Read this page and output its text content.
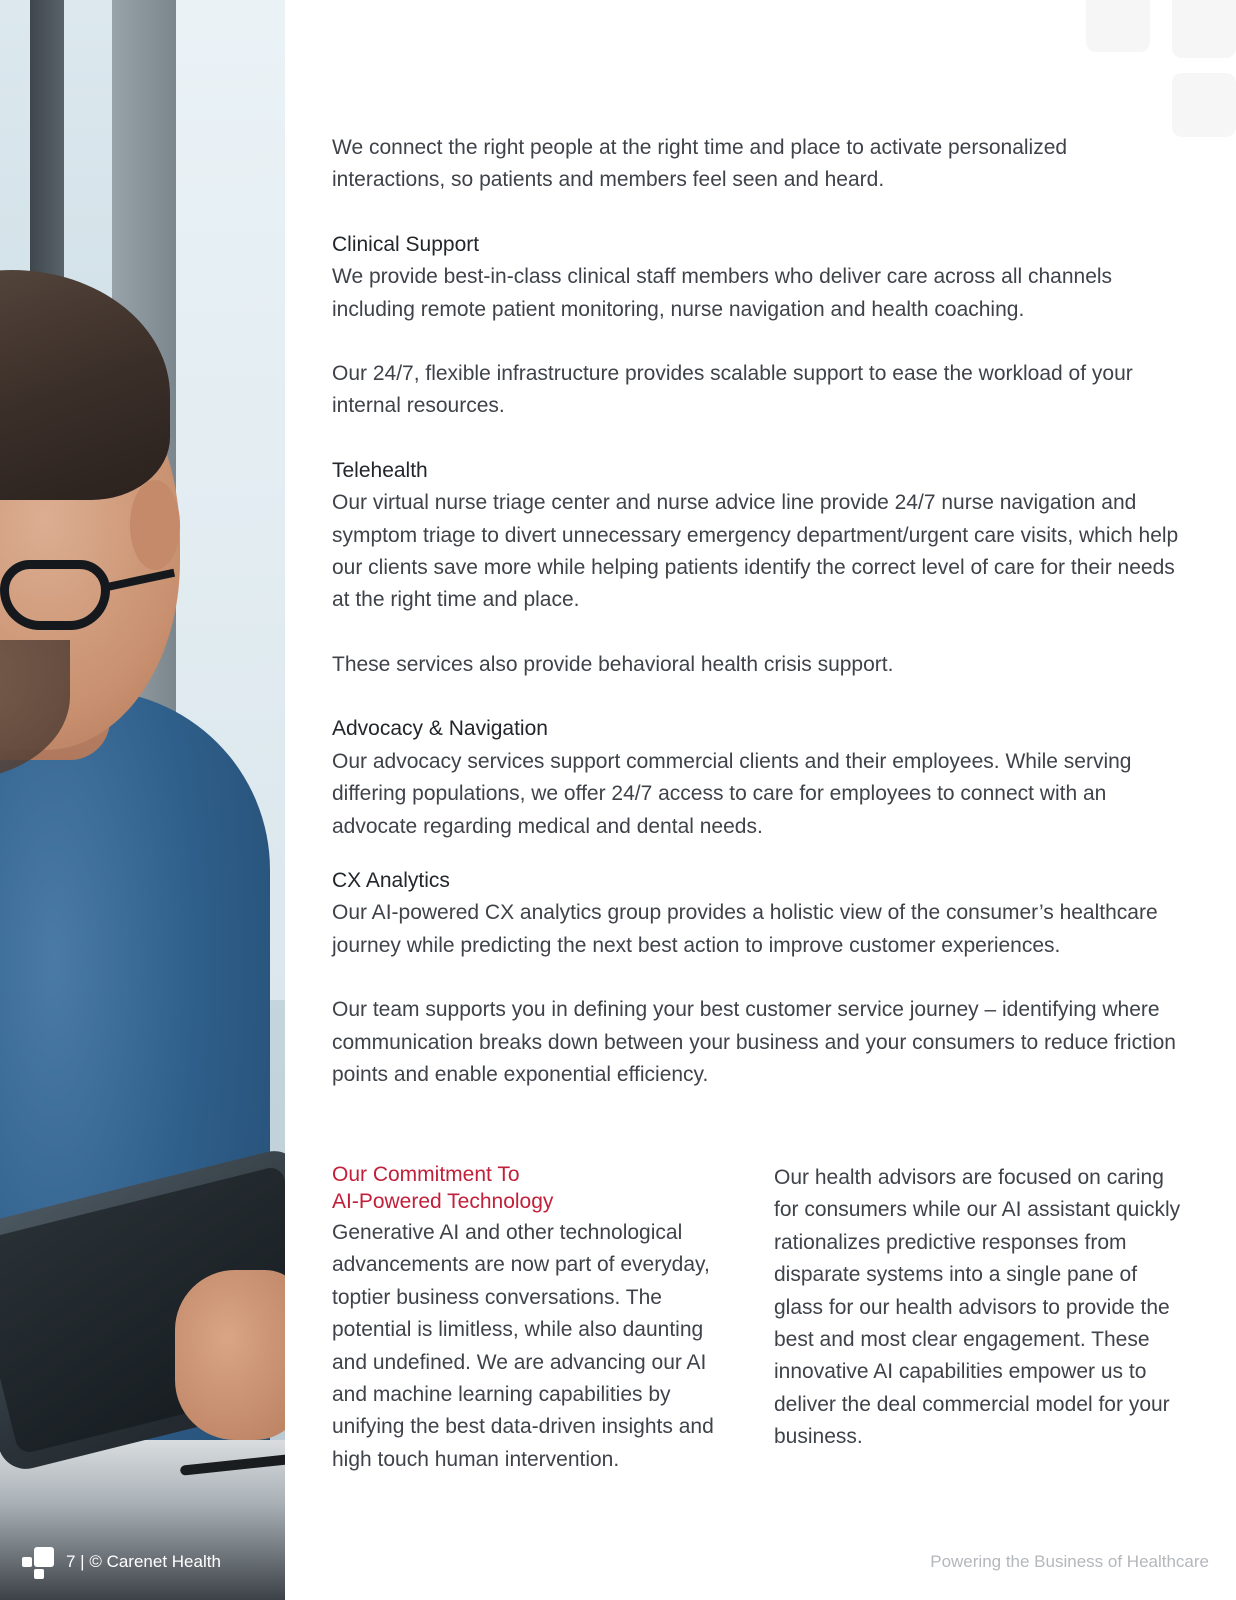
We connect the right people at the right time and place to activate personalized interactions, so patients and members feel seen and heard.

Clinical Support

We provide best-in-class clinical staff members who deliver care across all channels including remote patient monitoring, nurse navigation and health coaching.

Our 24/7, flexible infrastructure provides scalable support to ease the workload of your internal resources.

Telehealth

Our virtual nurse triage center and nurse advice line provide 24/7 nurse navigation and symptom triage to divert unnecessary emergency department/urgent care visits, which help our clients save more while helping patients identify the correct level of care for their needs at the right time and place.

These services also provide behavioral health crisis support.

Advocacy & Navigation

Our advocacy services support commercial clients and their employees. While serving differing populations, we offer 24/7 access to care for employees to connect with an advocate regarding medical and dental needs.

CX Analytics

Our AI-powered CX analytics group provides a holistic view of the consumer’s healthcare journey while predicting the next best action to improve customer experiences.

Our team supports you in defining your best customer service journey – identifying where communication breaks down between your business and your consumers to reduce friction points and enable exponential efficiency.

Our Commitment To
AI-Powered Technology

Generative AI and other technological advancements are now part of everyday, toptier business conversations. The potential is limitless, while also daunting and undefined. We are advancing our AI and machine learning capabilities by unifying the best data-driven insights and high touch human intervention.

Our health advisors are focused on caring for consumers while our AI assistant quickly rationalizes predictive responses from disparate systems into a single pane of glass for our health advisors to provide the best and most clear engagement. These innovative AI capabilities empower us to deliver the deal commercial model for your business.

7 | © Carenet Health	Powering the Business of Healthcare
